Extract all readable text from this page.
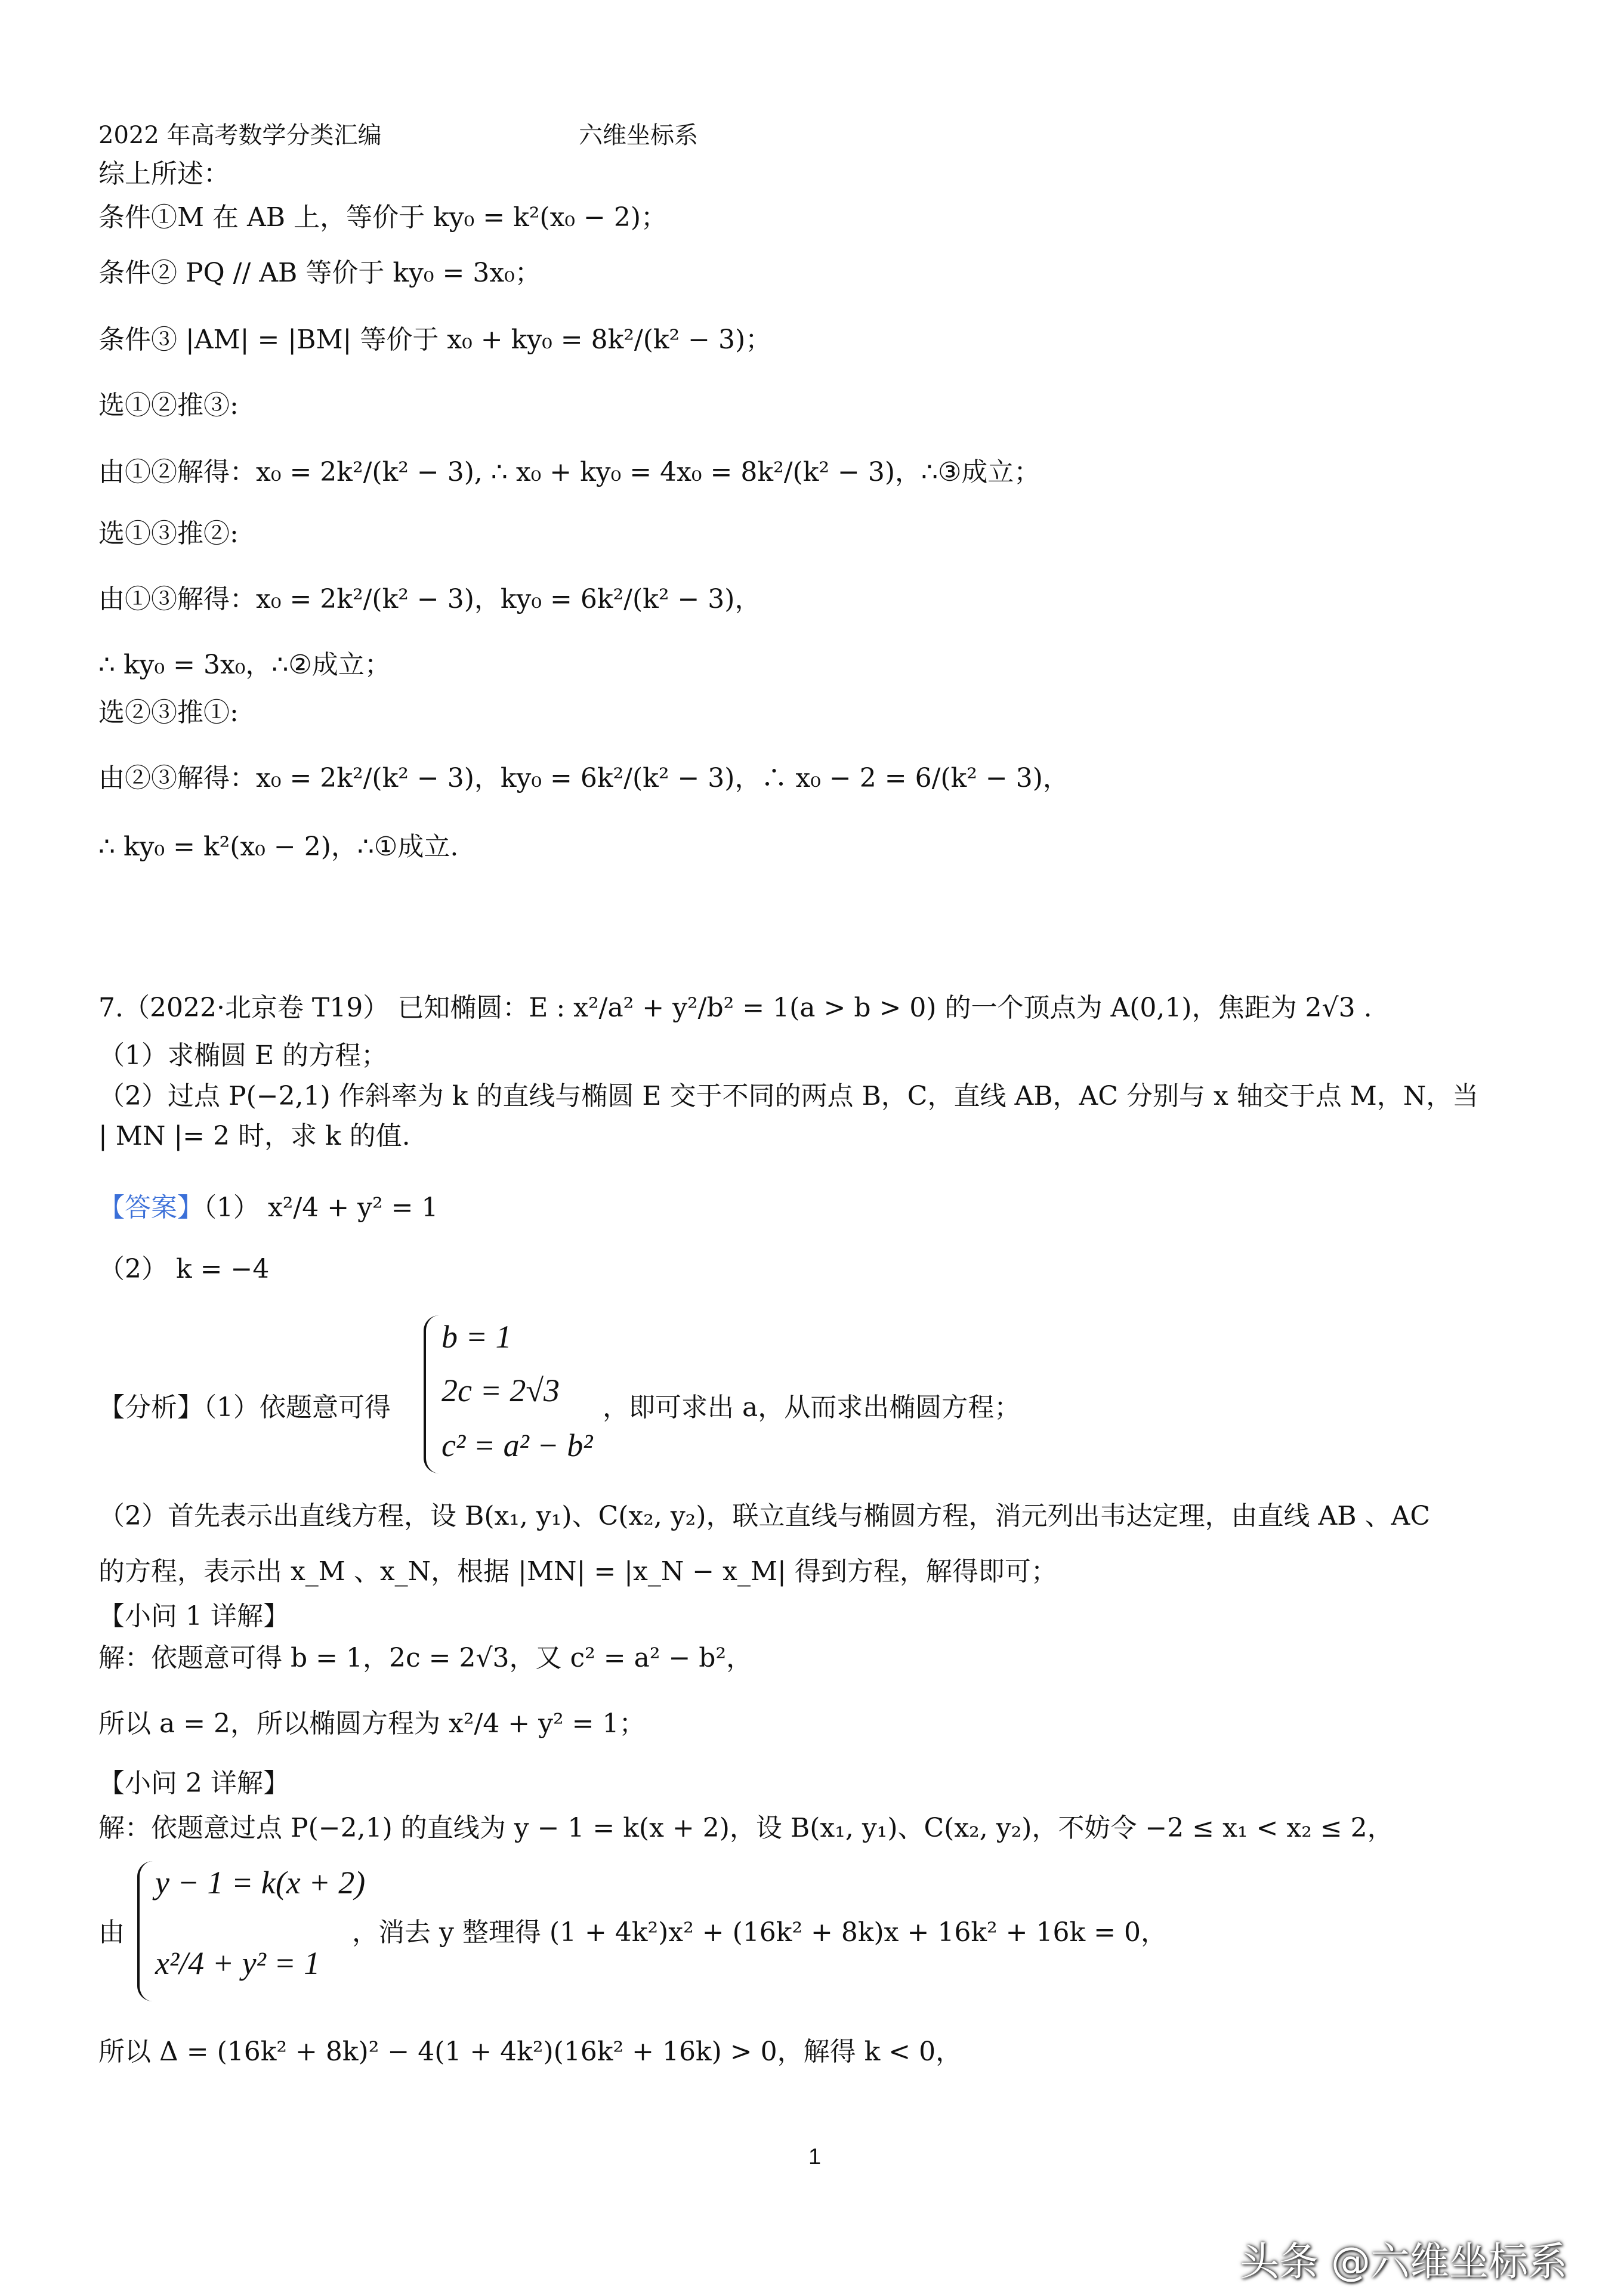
2022 年高考数学分类汇编	六维坐标系
综上所述：
条件①M 在 AB 上，等价于 ky₀ = k²(x₀ − 2)；
条件② PQ // AB 等价于 ky₀ = 3x₀；
条件③ |AM| = |BM| 等价于 x₀ + ky₀ = 8k²/(k² − 3)；
选①②推③:
由①②解得：x₀ = 2k²/(k² − 3), ∴ x₀ + ky₀ = 4x₀ = 8k²/(k² − 3)，∴③成立；
选①③推②:
由①③解得：x₀ = 2k²/(k² − 3)，ky₀ = 6k²/(k² − 3)，
∴ ky₀ = 3x₀，∴②成立；
选②③推①:
由②③解得：x₀ = 2k²/(k² − 3)，ky₀ = 6k²/(k² − 3)，∴ x₀ − 2 = 6/(k² − 3)，
∴ ky₀ = k²(x₀ − 2)，∴①成立.
7.（2022·北京卷 T19） 已知椭圆：E : x²/a² + y²/b² = 1(a > b > 0) 的一个顶点为 A(0,1)，焦距为 2√3 .
（1）求椭圆 E 的方程；
（2）过点 P(−2,1) 作斜率为 k 的直线与椭圆 E 交于不同的两点 B，C，直线 AB，AC 分别与 x 轴交于点 M，N，当
| MN |= 2 时，求 k 的值.
【答案】（1） x²/4 + y² = 1
（2） k = −4
【分析】（1）依题意可得
b = 1
2c = 2√3
c² = a² − b²
，即可求出 a，从而求出椭圆方程；
（2）首先表示出直线方程，设 B(x₁, y₁)、C(x₂, y₂)，联立直线与椭圆方程，消元列出韦达定理，由直线 AB 、AC
的方程，表示出 x_M 、x_N，根据 |MN| = |x_N − x_M| 得到方程，解得即可；
【小问 1 详解】
解：依题意可得 b = 1，2c = 2√3，又 c² = a² − b²，
所以 a = 2，所以椭圆方程为 x²/4 + y² = 1；
【小问 2 详解】
解：依题意过点 P(−2,1) 的直线为 y − 1 = k(x + 2)，设 B(x₁, y₁)、C(x₂, y₂)，不妨令 −2 ≤ x₁ < x₂ ≤ 2，
由
y − 1 = k(x + 2)
x²/4 + y² = 1
，消去 y 整理得 (1 + 4k²)x² + (16k² + 8k)x + 16k² + 16k = 0，
所以 Δ = (16k² + 8k)² − 4(1 + 4k²)(16k² + 16k) > 0，解得 k < 0，
1
头条 @六维坐标系
